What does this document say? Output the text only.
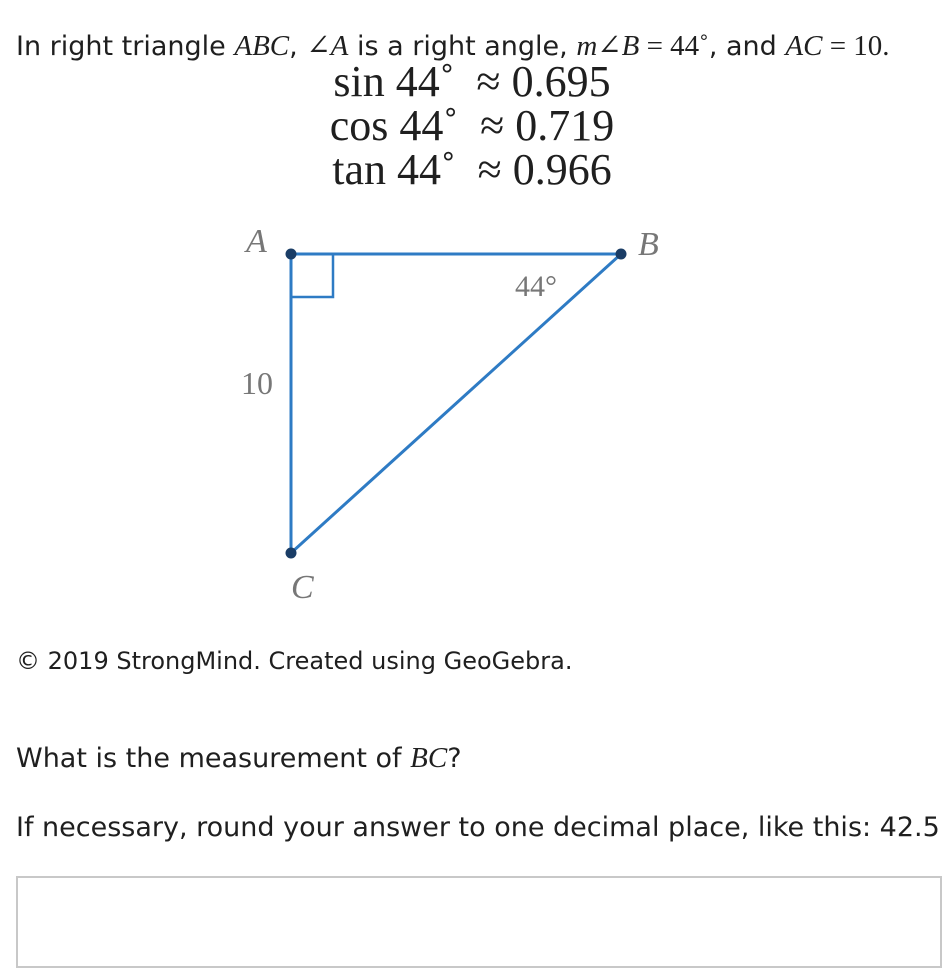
In right triangle ABC, ∠A is a right angle, m∠B = 44˚, and AC = 10.
sin 44˚  ≈ 0.695
cos 44˚  ≈ 0.719
tan 44˚  ≈ 0.966
A	B
C
10
44°
© 2019 StrongMind. Created using GeoGebra.
What is the measurement of BC?
If necessary, round your answer to one decimal place, like this: 42.5
